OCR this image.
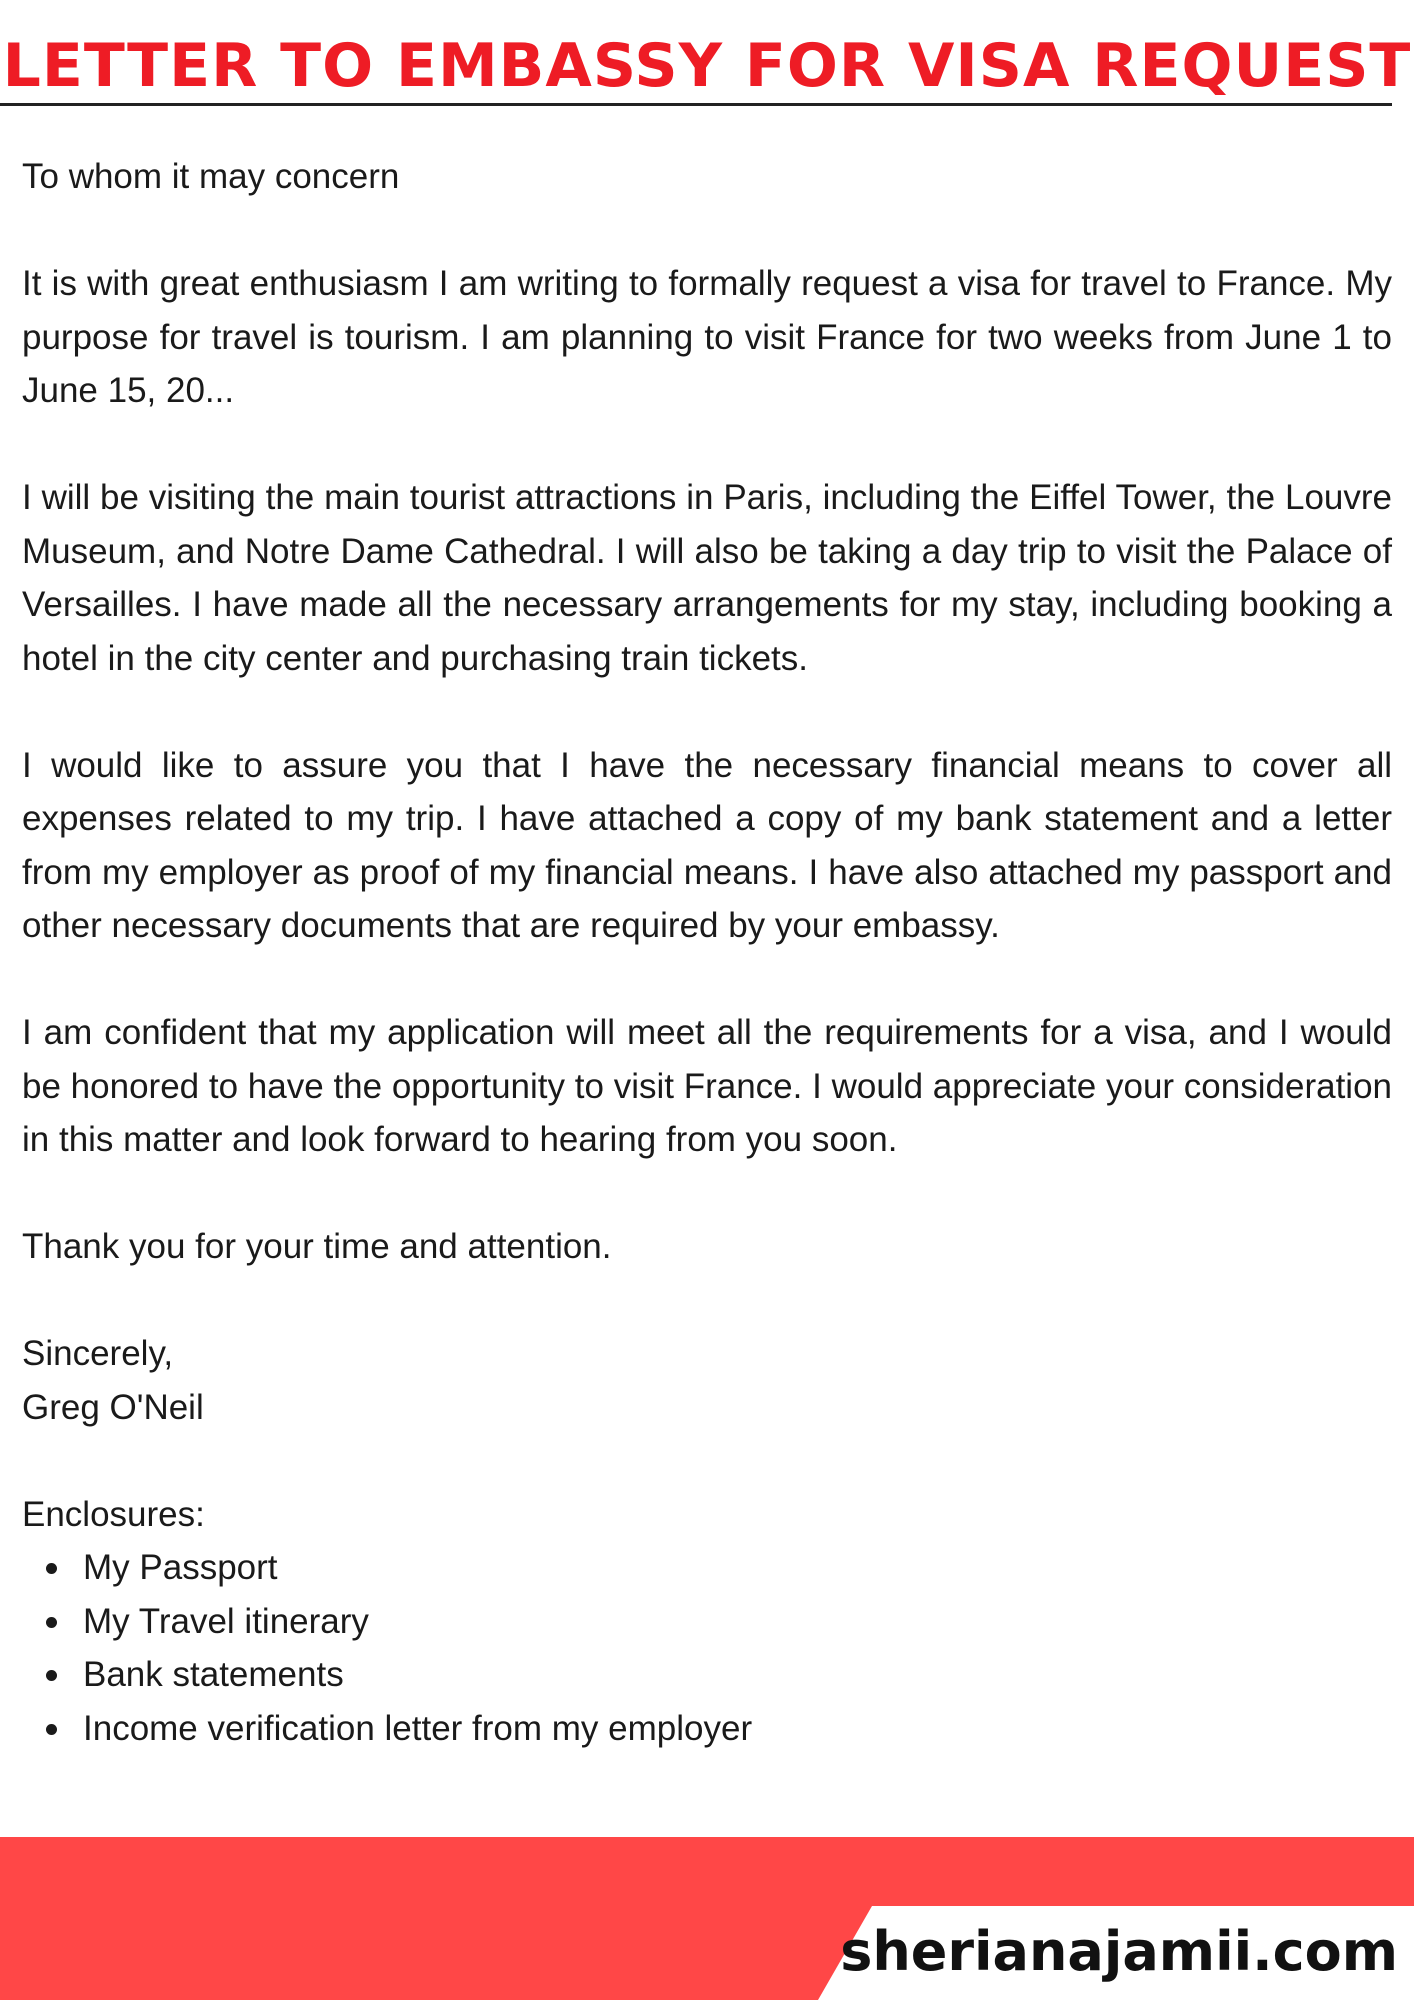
LETTER TO EMBASSY FOR VISA REQUEST

To whom it may concern

It is with great enthusiasm I am writing to formally request a visa for travel to France. My purpose for travel is tourism. I am planning to visit France for two weeks from June 1 to June 15, 20...

I will be visiting the main tourist attractions in Paris, including the Eiffel Tower, the Louvre Museum, and Notre Dame Cathedral. I will also be taking a day trip to visit the Palace of Versailles. I have made all the necessary arrangements for my stay, including booking a hotel in the city center and purchasing train tickets.

I would like to assure you that I have the necessary financial means to cover all expenses related to my trip. I have attached a copy of my bank statement and a letter from my employer as proof of my financial means. I have also attached my passport and other necessary documents that are required by your embassy.

I am confident that my application will meet all the requirements for a visa, and I would be honored to have the opportunity to visit France. I would appreciate your consideration in this matter and look forward to hearing from you soon.

Thank you for your time and attention.

Sincerely,

Greg O'Neil

Enclosures:

My Passport
My Travel itinerary
Bank statements
Income verification letter from my employer
sherianajamii.com
